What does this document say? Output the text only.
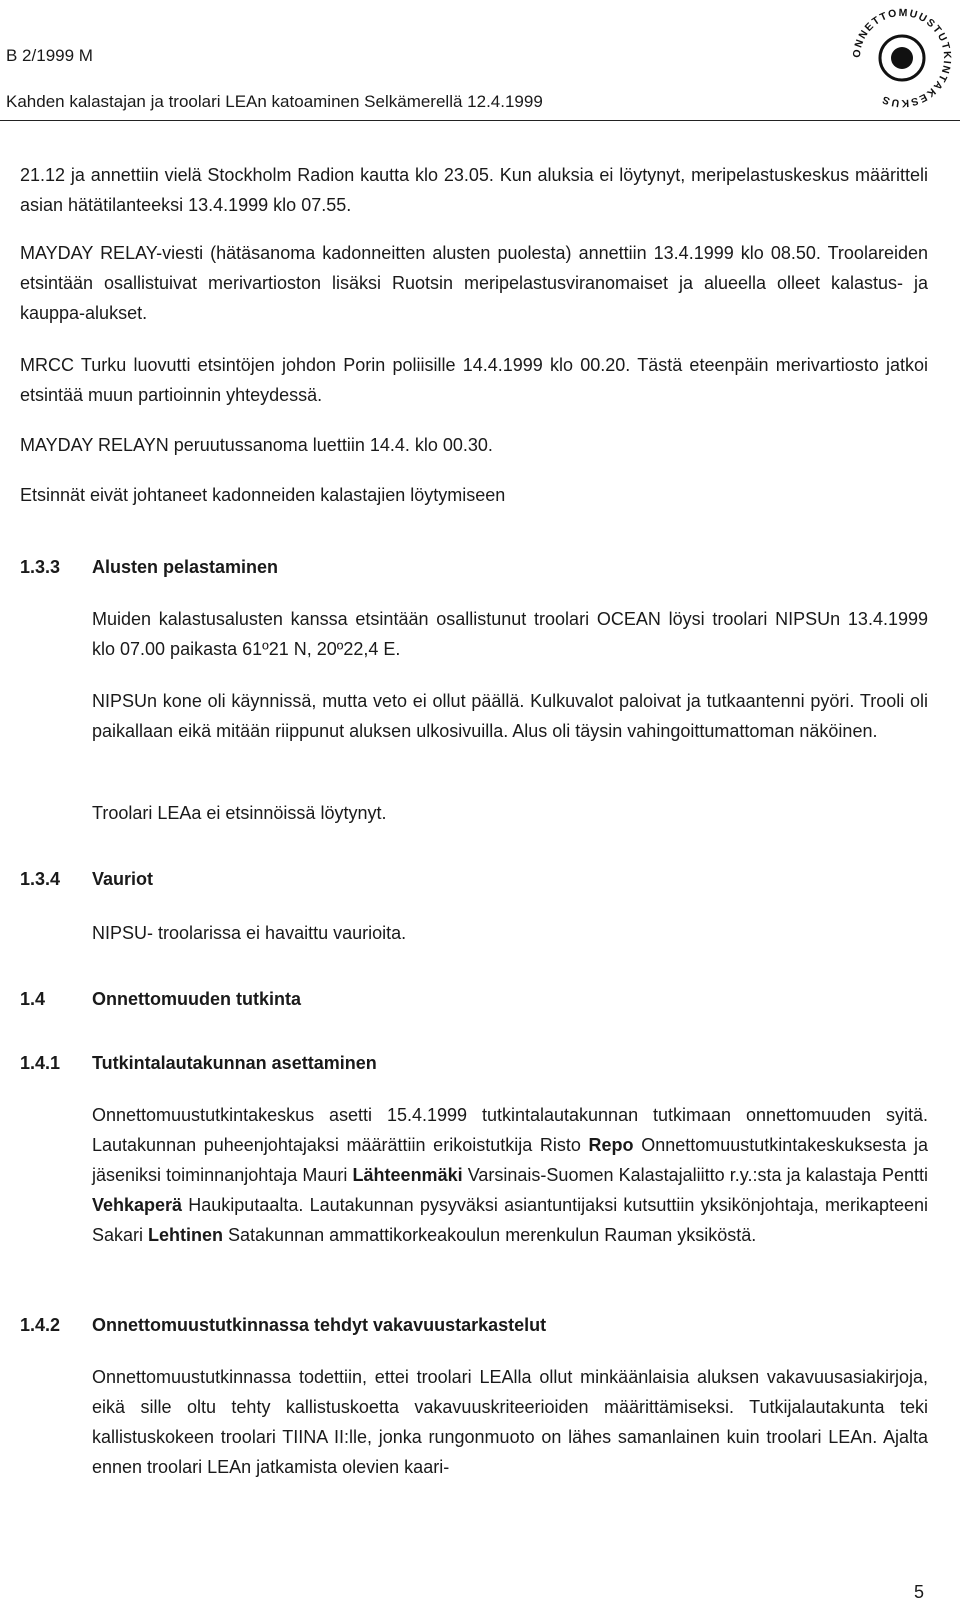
B 2/1999 M
Kahden kalastajan ja troolari LEAn katoaminen Selkämerellä 12.4.1999
ONNETTOMUUSTUTKINTAKESKUS
21.12 ja annettiin vielä Stockholm Radion kautta klo 23.05. Kun aluksia ei löytynyt, meripelastuskeskus määritteli asian hätätilanteeksi 13.4.1999 klo 07.55.
MAYDAY RELAY-viesti (hätäsanoma kadonneitten alusten puolesta) annettiin 13.4.1999 klo 08.50. Troolareiden etsintään osallistuivat merivartioston lisäksi Ruotsin meripelastusviranomaiset ja alueella olleet kalastus- ja kauppa-alukset.
MRCC Turku luovutti etsintöjen johdon Porin poliisille 14.4.1999 klo 00.20. Tästä eteenpäin merivartiosto jatkoi etsintää muun partioinnin yhteydessä.
MAYDAY RELAYN peruutussanoma luettiin 14.4. klo 00.30.
Etsinnät eivät johtaneet kadonneiden kalastajien löytymiseen
1.3.3 Alusten pelastaminen
Muiden kalastusalusten kanssa etsintään osallistunut troolari OCEAN löysi troolari NIPSUn 13.4.1999 klo 07.00 paikasta 61º21 N, 20º22,4 E.
NIPSUn kone oli käynnissä, mutta veto ei ollut päällä. Kulkuvalot paloivat ja tutkaantenni pyöri. Trooli oli paikallaan eikä mitään riippunut aluksen ulkosivuilla. Alus oli täysin vahingoittumattoman näköinen.
Troolari LEAa ei etsinnöissä löytynyt.
1.3.4 Vauriot
NIPSU- troolarissa ei havaittu vaurioita.
1.4	Onnettomuuden tutkinta
1.4.1 Tutkintalautakunnan asettaminen
Onnettomuustutkintakeskus asetti 15.4.1999 tutkintalautakunnan tutkimaan onnettomuuden syitä. Lautakunnan puheenjohtajaksi määrättiin erikoistutkija Risto Repo Onnettomuustutkintakeskuksesta ja jäseniksi toiminnanjohtaja Mauri Lähteenmäki Varsinais-Suomen Kalastajaliitto r.y.:sta ja kalastaja Pentti Vehkaperä Haukiputaalta. Lautakunnan pysyväksi asiantuntijaksi kutsuttiin yksikönjohtaja, merikapteeni Sakari Lehtinen Satakunnan ammattikorkeakoulun merenkulun Rauman yksiköstä.
1.4.2 Onnettomuustutkinnassa tehdyt vakavuustarkastelut
Onnettomuustutkinnassa todettiin, ettei troolari LEAlla ollut minkäänlaisia aluksen vakavuusasiakirjoja, eikä sille oltu tehty kallistuskoetta vakavuuskriteerioiden määrittämiseksi. Tutkijalautakunta teki kallistuskokeen troolari TIINA II:lle, jonka rungonmuoto on lähes samanlainen kuin troolari LEAn. Ajalta ennen troolari LEAn jatkamista olevien kaari-
5
